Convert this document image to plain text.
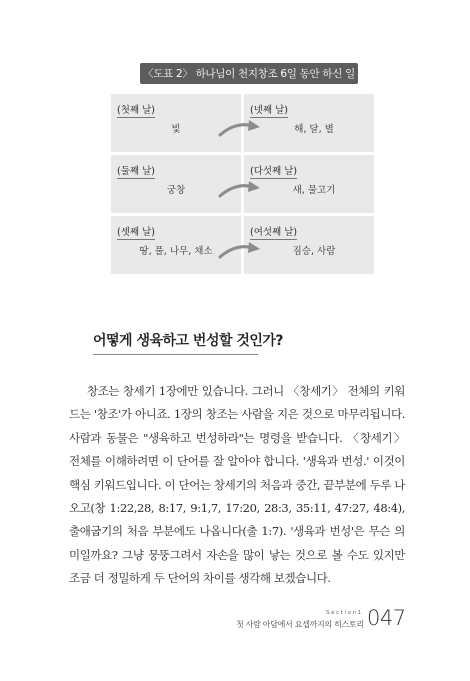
〈도표 2〉 하나님이 천지창조 6일 동안 하신 일
(첫째 날)
빛
(넷째 날)
해, 달, 별
(둘째 날)
궁창
(다섯째 날)
새, 물고기
(셋째 날)
땅, 풀, 나무, 채소
(여섯째 날)
짐승, 사람
어떻게 생육하고 번성할 것인가?

창조는 창세기 1장에만 있습니다. 그러니 〈창세기〉 전체의 키워드는 '창조'가 아니죠. 1장의 창조는 사람을 지은 것으로 마무리됩니다. 사람과 동물은 "생육하고 번성하라"는 명령을 받습니다. 〈창세기〉 전체를 이해하려면 이 단어를 잘 알아야 합니다. '생육과 번성.' 이것이 핵심 키워드입니다. 이 단어는 창세기의 처음과 중간, 끝부분에 두루 나오고(창 1:22,28, 8:17, 9:1,7, 17:20, 28:3, 35:11, 47:27, 48:4), 출애굽기의 처음 부분에도 나옵니다(출 1:7). '생육과 번성'은 무슨 의미일까요? 그냥 뭉뚱그려서 자손을 많이 낳는 것으로 볼 수도 있지만 조금 더 정밀하게 두 단어의 차이를 생각해 보겠습니다.

Section1
첫 사람 아담에서 요셉까지의 히스토리 047
